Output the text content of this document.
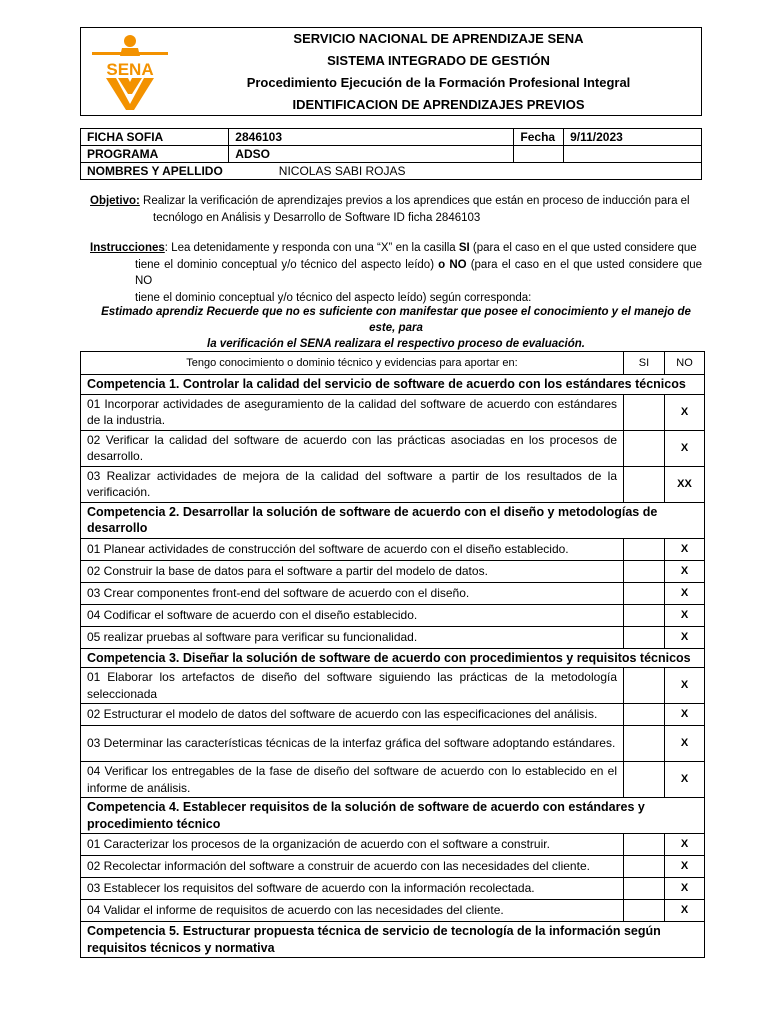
SENA
SERVICIO NACIONAL DE APRENDIZAJE SENA
SISTEMA INTEGRADO DE GESTIÓN
Procedimiento Ejecución de la Formación Profesional Integral
IDENTIFICACION DE APRENDIZAJES PREVIOS
FICHA SOFIA	2846103	Fecha	9/11/2023
PROGRAMA	ADSO		
NOMBRES Y APELLIDO	NICOLAS SABI ROJAS		
Objetivo: Realizar la verificación de aprendizajes previos a los aprendices que están en proceso de inducción para el
tecnólogo en Análisis y Desarrollo de Software ID ficha 2846103
Instrucciones: Lea detenidamente y responda con una “X” en la casilla SI (para el caso en el que usted considere que
tiene el dominio conceptual y/o técnico del aspecto leído) o NO (para el caso en el que usted considere que NO
tiene el dominio conceptual y/o técnico del aspecto leído) según corresponda:
Estimado aprendiz Recuerde que no es suficiente con manifestar que posee el conocimiento y el manejo de este, para
la verificación el SENA realizara el respectivo proceso de evaluación.
Tengo conocimiento o dominio técnico y evidencias para aportar en:	SI	NO
Competencia 1. Controlar la calidad del servicio de software de acuerdo con los estándares técnicos		
01 Incorporar actividades de aseguramiento de la calidad del software de acuerdo con estándares de la industria.		X
02 Verificar la calidad del software de acuerdo con las prácticas asociadas en los procesos de desarrollo.		X
03 Realizar actividades de mejora de la calidad del software a partir de los resultados de la verificación.		XX
Competencia 2. Desarrollar la solución de software de acuerdo con el diseño y metodologías de desarrollo		
01 Planear actividades de construcción del software de acuerdo con el diseño establecido.		X
02 Construir la base de datos para el software a partir del modelo de datos.		X
03 Crear componentes front-end del software de acuerdo con el diseño.		X
04 Codificar el software de acuerdo con el diseño establecido.		X
05 realizar pruebas al software para verificar su funcionalidad.		X
Competencia 3. Diseñar la solución de software de acuerdo con procedimientos y requisitos técnicos		
01 Elaborar los artefactos de diseño del software siguiendo las prácticas de la metodología seleccionada		X
02 Estructurar el modelo de datos del software de acuerdo con las especificaciones del análisis.		X
03 Determinar las características técnicas de la interfaz gráfica del software adoptando estándares.		X
04 Verificar los entregables de la fase de diseño del software de acuerdo con lo establecido en el informe de análisis.		X
Competencia 4. Establecer requisitos de la solución de software de acuerdo con estándares y procedimiento técnico		
01 Caracterizar los procesos de la organización de acuerdo con el software a construir.		X
02 Recolectar información del software a construir de acuerdo con las necesidades del cliente.		X
03 Establecer los requisitos del software de acuerdo con la información recolectada.		X
04 Validar el informe de requisitos de acuerdo con las necesidades del cliente.		X
Competencia 5. Estructurar propuesta técnica de servicio de tecnología de la información según requisitos técnicos y normativa		
